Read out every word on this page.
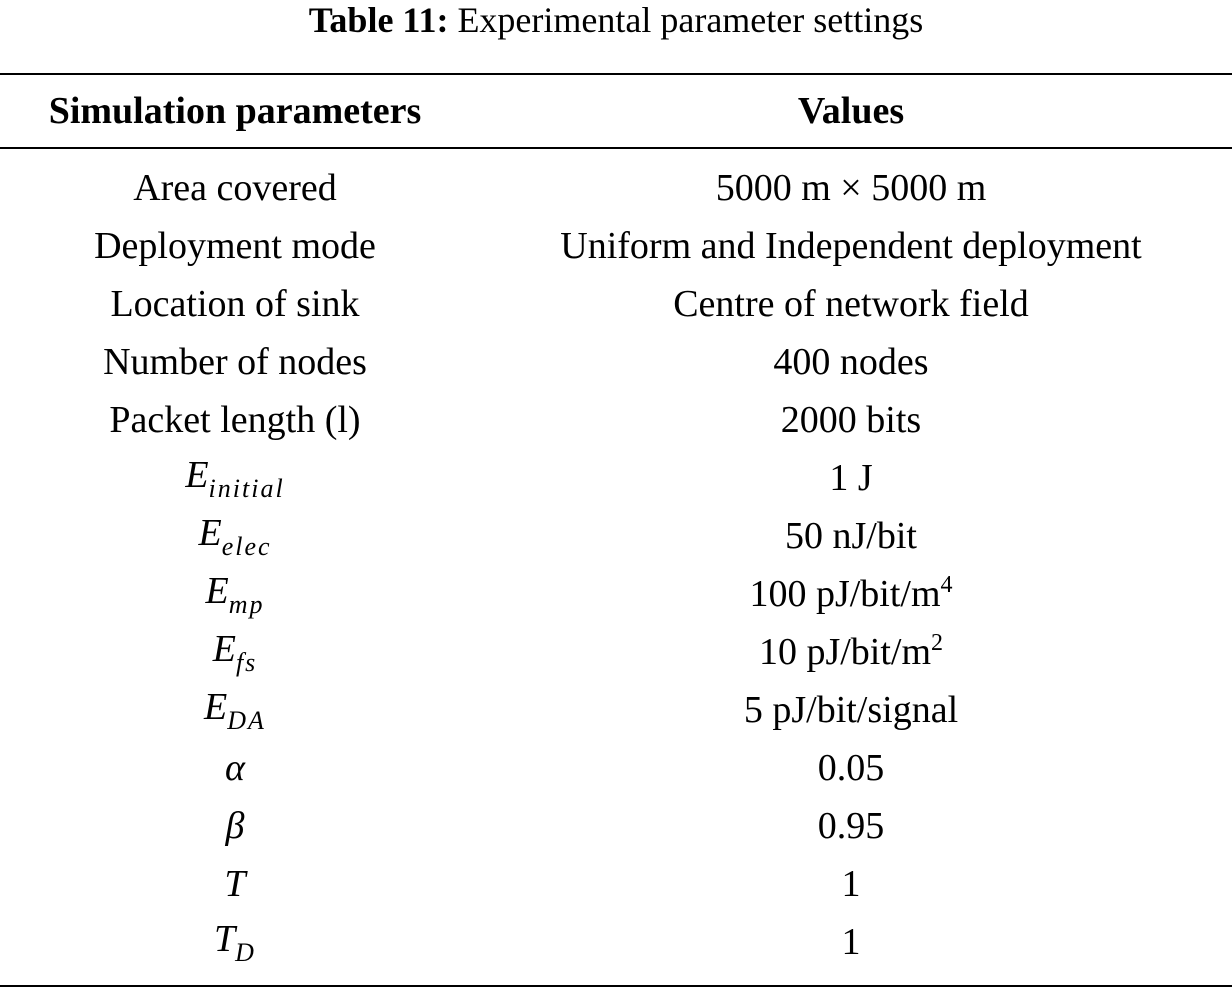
Table 11: Experimental parameter settings
Simulation parameters	Values
Area covered	5000 m × 5000 m
Deployment mode	Uniform and Independent deployment
Location of sink	Centre of network field
Number of nodes	400 nodes
Packet length (l)	2000 bits
$E_{initial}$	1 J
$E_{elec}$	50 nJ/bit
$E_{mp}$	100 $pJ/bit/m^4$
$E_{fs}$	10 $pJ/bit/m^2$
$E_{DA}$	5 pJ/bit/signal
α	0.05
β	0.95
T	1
$T_D$	1
